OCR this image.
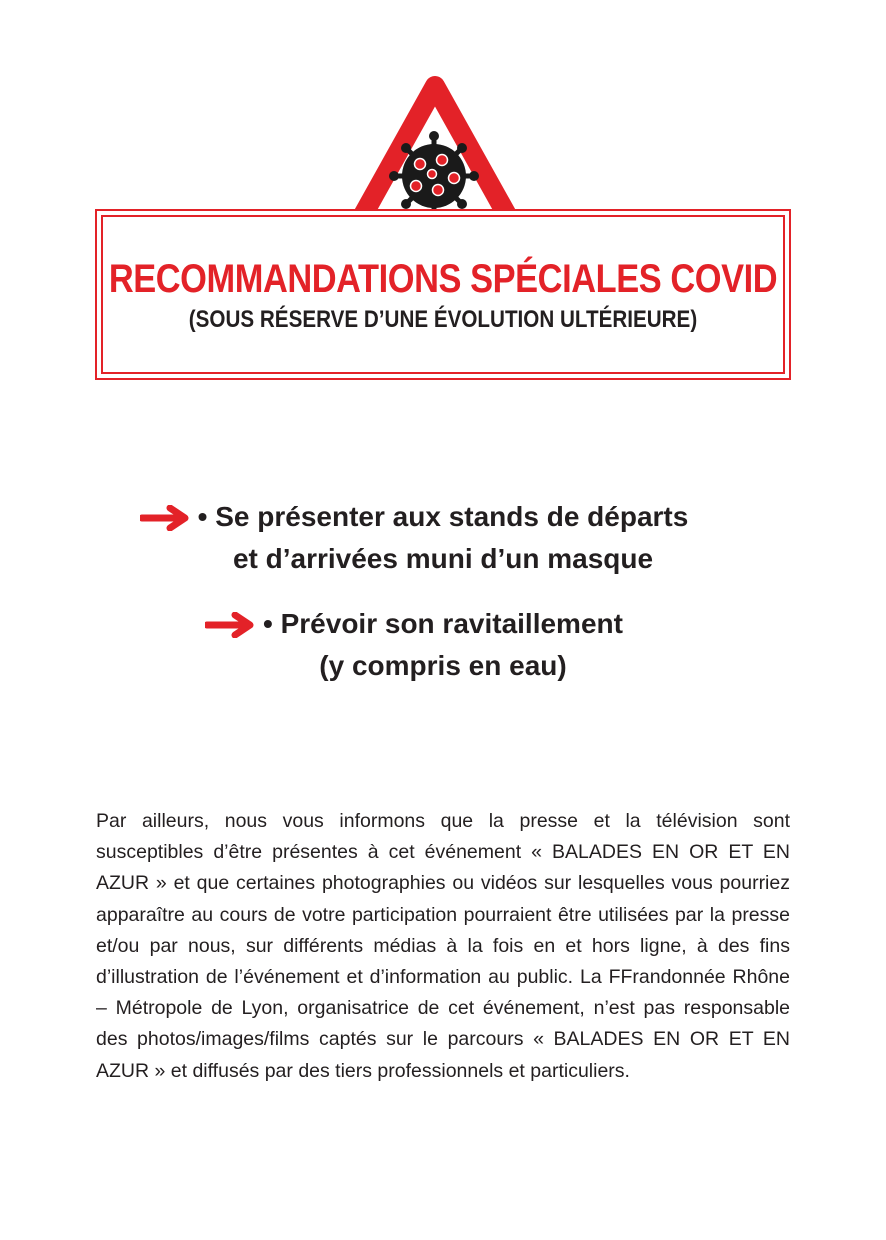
RECOMMANDATIONS SPÉCIALES COVID
(SOUS RÉSERVE D’UNE ÉVOLUTION ULTÉRIEURE)
• Se présenter aux stands de départs
et d’arrivées muni d’un masque
• Prévoir son ravitaillement
(y compris en eau)

Par ailleurs, nous vous informons que la presse et la télévision sont susceptibles d’être présentes à cet événement « BALADES EN OR ET EN AZUR » et que certaines photographies ou vidéos sur lesquelles vous pourriez apparaître au cours de votre participation pourraient être utilisées par la presse et/ou par nous, sur différents médias à la fois en et hors ligne, à des fins d’illustration de l’événement et d’information au public. La FFrandonnée Rhône – Métropole de Lyon, organisatrice de cet événement, n’est pas responsable des photos/images/films captés sur le parcours « BALADES EN OR ET EN AZUR » et diffusés par des tiers professionnels et particuliers.
